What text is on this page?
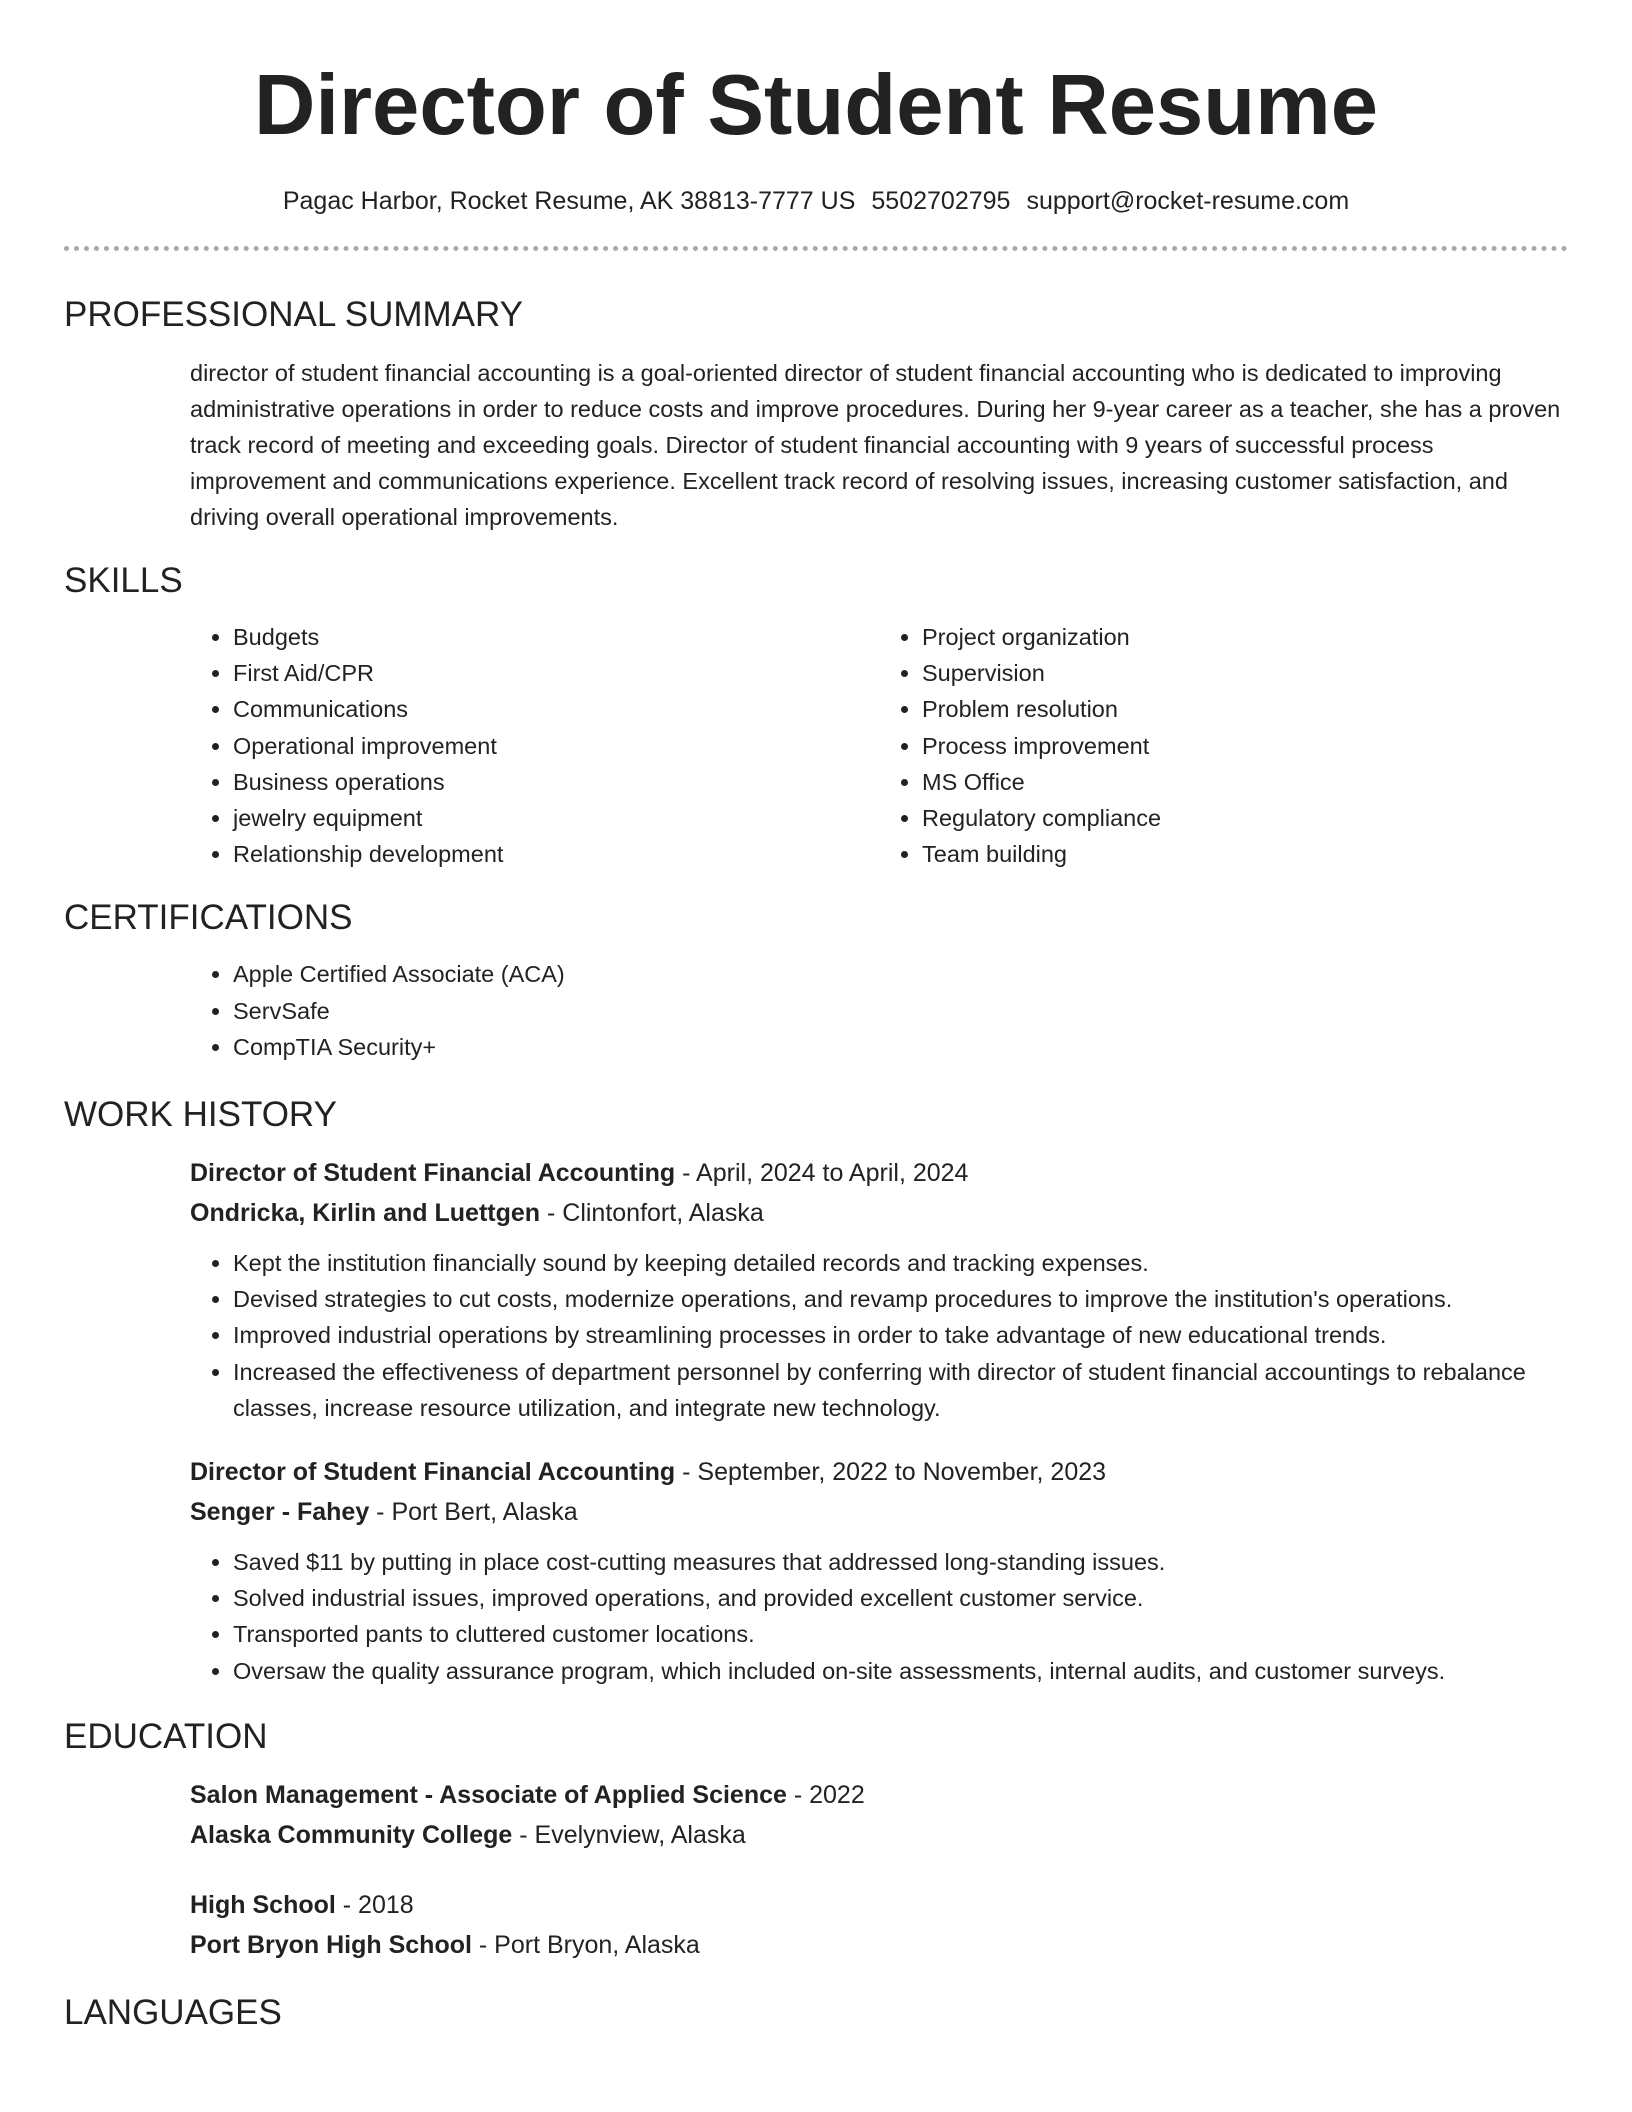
Director of Student Resume
Pagac Harbor, Rocket Resume, AK 38813-7777 US 5502702795 support@rocket-resume.com
PROFESSIONAL SUMMARY
director of student financial accounting is a goal-oriented director of student financial accounting who is dedicated to improving administrative operations in order to reduce costs and improve procedures. During her 9-year career as a teacher, she has a proven track record of meeting and exceeding goals. Director of student financial accounting with 9 years of successful process improvement and communications experience. Excellent track record of resolving issues, increasing customer satisfaction, and driving overall operational improvements.
SKILLS
• Budgets
• First Aid/CPR
• Communications
• Operational improvement
• Business operations
• jewelry equipment
• Relationship development
• Project organization
• Supervision
• Problem resolution
• Process improvement
• MS Office
• Regulatory compliance
• Team building
CERTIFICATIONS
• Apple Certified Associate (ACA)
• ServSafe
• CompTIA Security+
WORK HISTORY
Director of Student Financial Accounting - April, 2024 to April, 2024
Ondricka, Kirlin and Luettgen - Clintonfort, Alaska
• Kept the institution financially sound by keeping detailed records and tracking expenses.
• Devised strategies to cut costs, modernize operations, and revamp procedures to improve the institution's operations.
• Improved industrial operations by streamlining processes in order to take advantage of new educational trends.
• Increased the effectiveness of department personnel by conferring with director of student financial accountings to rebalance classes, increase resource utilization, and integrate new technology.
Director of Student Financial Accounting - September, 2022 to November, 2023
Senger - Fahey - Port Bert, Alaska
• Saved $11 by putting in place cost-cutting measures that addressed long-standing issues.
• Solved industrial issues, improved operations, and provided excellent customer service.
• Transported pants to cluttered customer locations.
• Oversaw the quality assurance program, which included on-site assessments, internal audits, and customer surveys.
EDUCATION
Salon Management - Associate of Applied Science - 2022
Alaska Community College - Evelynview, Alaska
High School - 2018
Port Bryon High School - Port Bryon, Alaska
LANGUAGES
